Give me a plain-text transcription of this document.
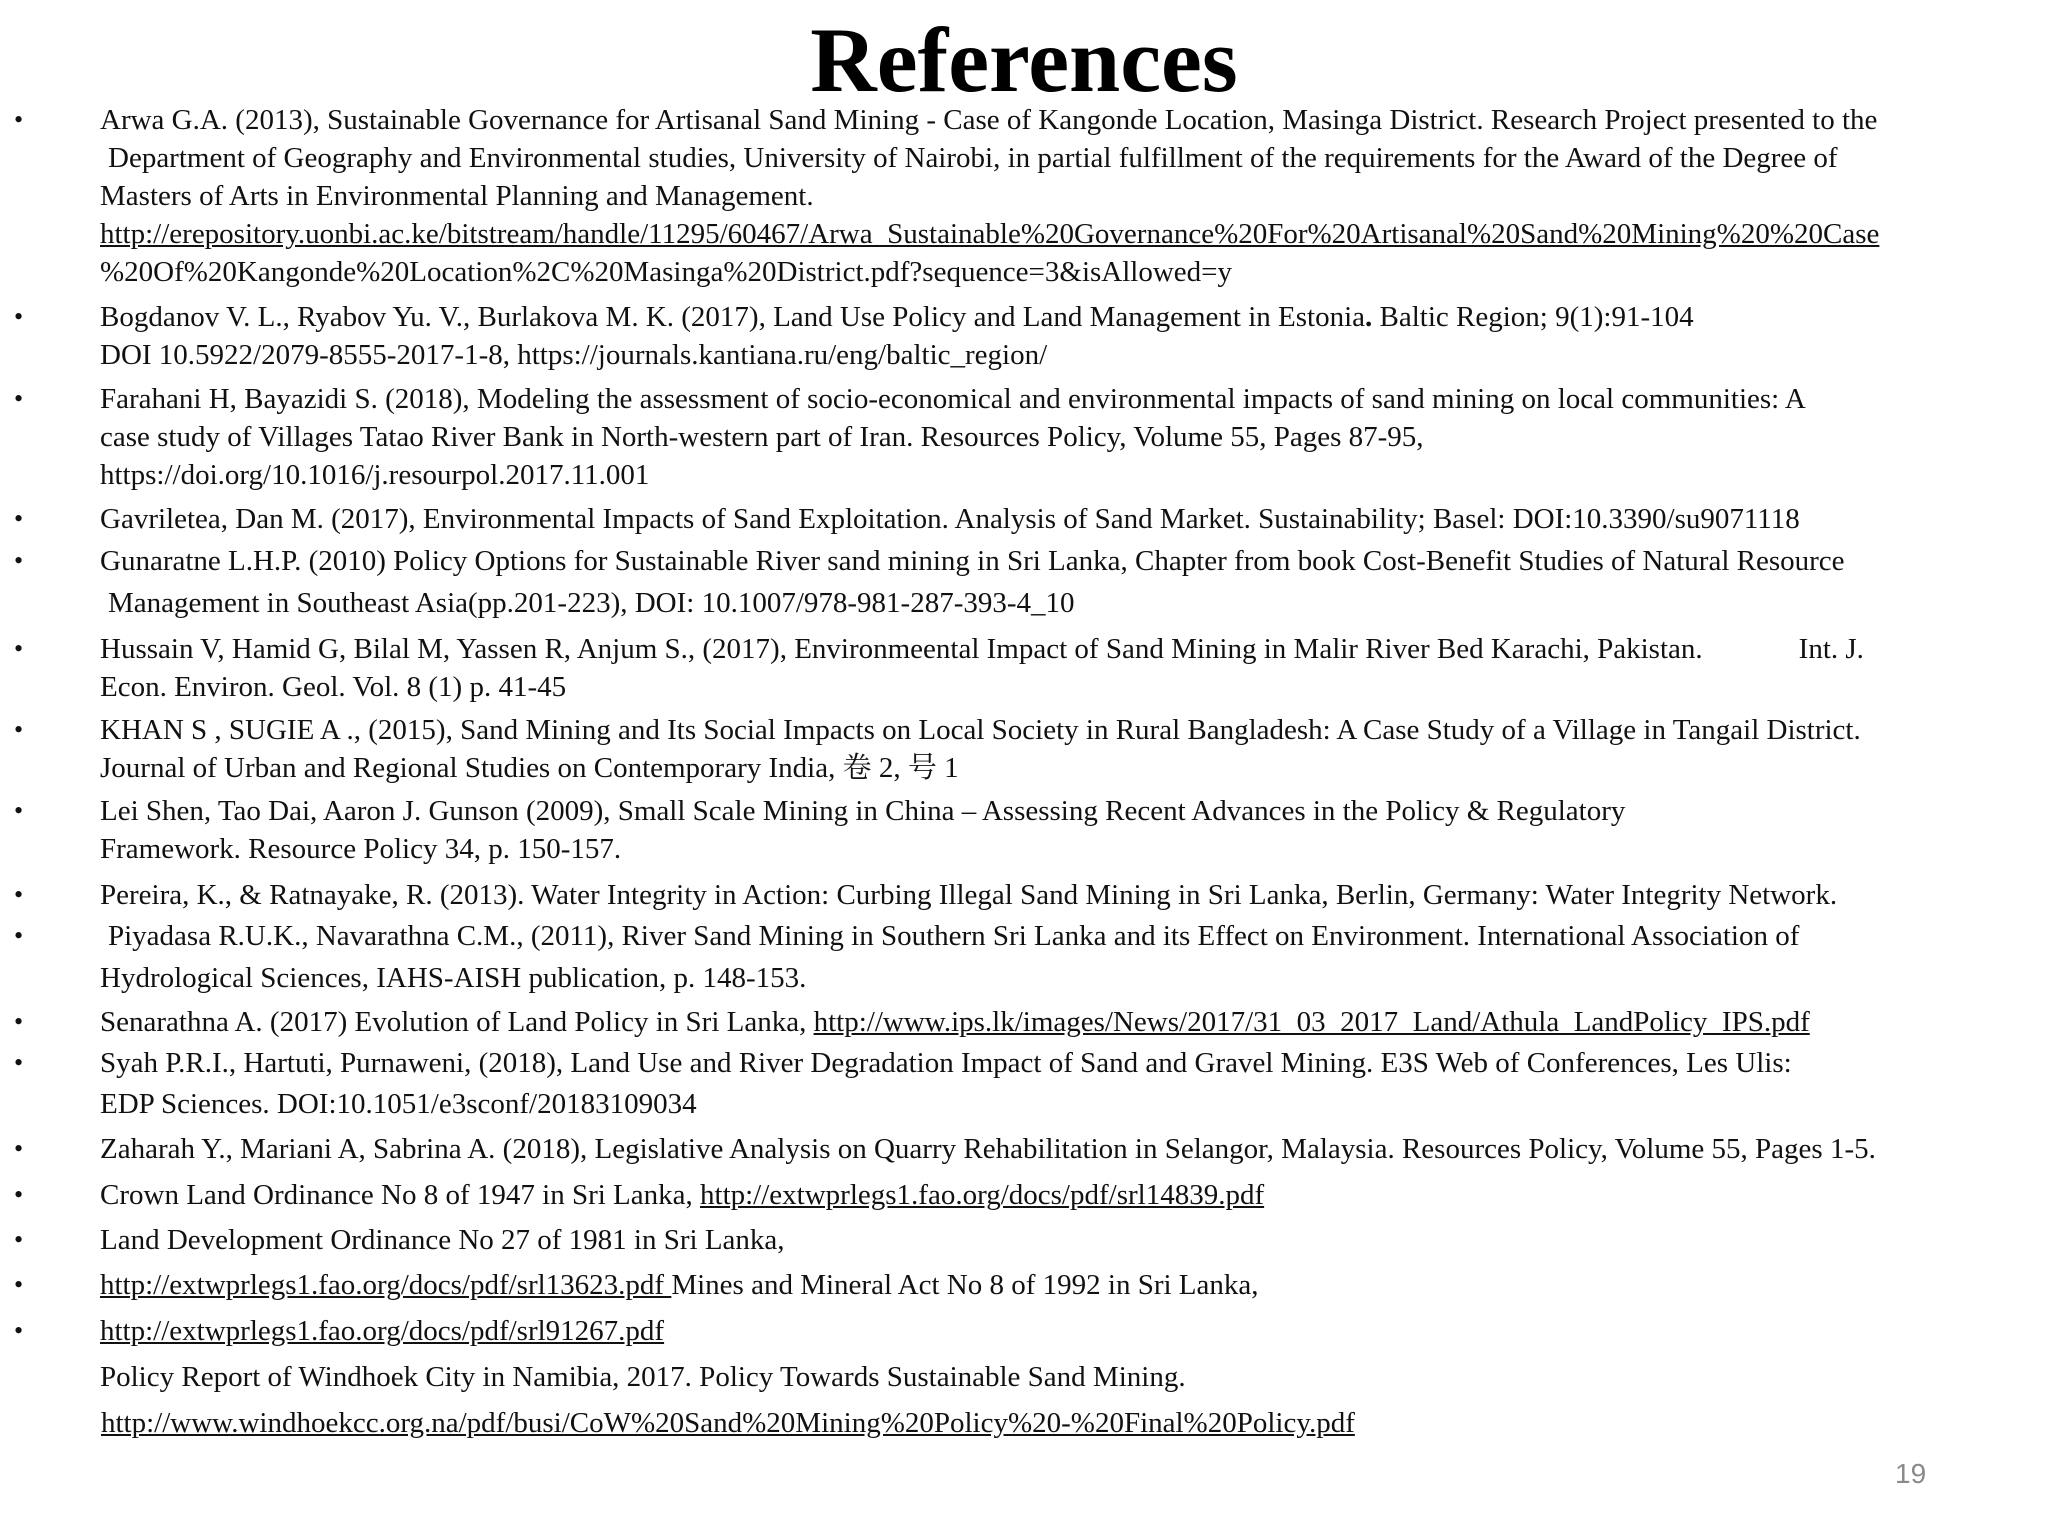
References
• Arwa G.A. (2013), Sustainable Governance for Artisanal Sand Mining - Case of Kangonde Location, Masinga District. Research Project presented to the
Department of Geography and Environmental studies, University of Nairobi, in partial fulfillment of the requirements for the Award of the Degree of
Masters of Arts in Environmental Planning and Management.
http://erepository.uonbi.ac.ke/bitstream/handle/11295/60467/Arwa_Sustainable%20Governance%20For%20Artisanal%20Sand%20Mining%20%20Case
%20Of%20Kangonde%20Location%2C%20Masinga%20District.pdf?sequence=3&isAllowed=y
• Bogdanov V. L., Ryabov Yu. V., Burlakova M. K. (2017), Land Use Policy and Land Management in Estonia. Baltic Region; 9(1):91-104
DOI 10.5922/2079-8555-2017-1-8, https://journals.kantiana.ru/eng/baltic_region/
• Farahani H, Bayazidi S. (2018), Modeling the assessment of socio-economical and environmental impacts of sand mining on local communities: A
case study of Villages Tatao River Bank in North-western part of Iran. Resources Policy, Volume 55, Pages 87-95,
https://doi.org/10.1016/j.resourpol.2017.11.001
• Gavriletea, Dan M. (2017), Environmental Impacts of Sand Exploitation. Analysis of Sand Market. Sustainability; Basel: DOI:10.3390/su9071118
• Gunaratne L.H.P. (2010) Policy Options for Sustainable River sand mining in Sri Lanka, Chapter from book Cost-Benefit Studies of Natural Resource
Management in Southeast Asia(pp.201-223), DOI: 10.1007/978-981-287-393-4_10
• Hussain V, Hamid G, Bilal M, Yassen R, Anjum S., (2017), Environmeental Impact of Sand Mining in Malir River Bed Karachi, Pakistan.	Int. J.
Econ. Environ. Geol. Vol. 8 (1) p. 41-45
• KHAN S , SUGIE A ., (2015), Sand Mining and Its Social Impacts on Local Society in Rural Bangladesh: A Case Study of a Village in Tangail District.
Journal of Urban and Regional Studies on Contemporary India, 卷 2, 号 1
• Lei Shen, Tao Dai, Aaron J. Gunson (2009), Small Scale Mining in China – Assessing Recent Advances in the Policy & Regulatory
Framework. Resource Policy 34, p. 150-157.
• Pereira, K., & Ratnayake, R. (2013). Water Integrity in Action: Curbing Illegal Sand Mining in Sri Lanka, Berlin, Germany: Water Integrity Network.
• Piyadasa R.U.K., Navarathna C.M., (2011), River Sand Mining in Southern Sri Lanka and its Effect on Environment. International Association of
Hydrological Sciences, IAHS-AISH publication, p. 148-153.
• Senarathna A. (2017) Evolution of Land Policy in Sri Lanka, http://www.ips.lk/images/News/2017/31_03_2017_Land/Athula_LandPolicy_IPS.pdf
• Syah P.R.I., Hartuti, Purnaweni, (2018), Land Use and River Degradation Impact of Sand and Gravel Mining. E3S Web of Conferences, Les Ulis:
EDP Sciences. DOI:10.1051/e3sconf/20183109034
• Zaharah Y., Mariani A, Sabrina A. (2018), Legislative Analysis on Quarry Rehabilitation in Selangor, Malaysia. Resources Policy, Volume 55, Pages 1-5.
• Crown Land Ordinance No 8 of 1947 in Sri Lanka, http://extwprlegs1.fao.org/docs/pdf/srl14839.pdf
• Land Development Ordinance No 27 of 1981 in Sri Lanka,
• http://extwprlegs1.fao.org/docs/pdf/srl13623.pdf Mines and Mineral Act No 8 of 1992 in Sri Lanka,
• http://extwprlegs1.fao.org/docs/pdf/srl91267.pdf
Policy Report of Windhoek City in Namibia, 2017. Policy Towards Sustainable Sand Mining.
http://www.windhoekcc.org.na/pdf/busi/CoW%20Sand%20Mining%20Policy%20-%20Final%20Policy.pdf
19
